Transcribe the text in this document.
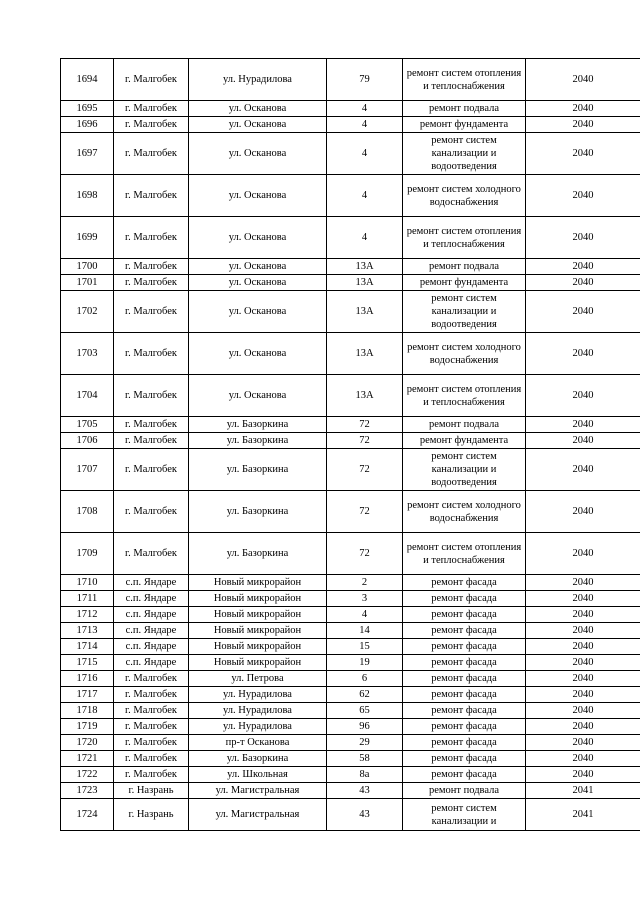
1694	г. Малгобек	ул. Нурадилова	79	ремонт систем отопления и теплоснабжения	2040
1695	г. Малгобек	ул. Осканова	4	ремонт подвала	2040
1696	г. Малгобек	ул. Осканова	4	ремонт фундамента	2040
1697	г. Малгобек	ул. Осканова	4	ремонт систем канализации и водоотведения	2040
1698	г. Малгобек	ул. Осканова	4	ремонт систем холодного водоснабжения	2040
1699	г. Малгобек	ул. Осканова	4	ремонт систем отопления и теплоснабжения	2040
1700	г. Малгобек	ул. Осканова	13А	ремонт подвала	2040
1701	г. Малгобек	ул. Осканова	13А	ремонт фундамента	2040
1702	г. Малгобек	ул. Осканова	13А	ремонт систем канализации и водоотведения	2040
1703	г. Малгобек	ул. Осканова	13А	ремонт систем холодного водоснабжения	2040
1704	г. Малгобек	ул. Осканова	13А	ремонт систем отопления и теплоснабжения	2040
1705	г. Малгобек	ул. Базоркина	72	ремонт подвала	2040
1706	г. Малгобек	ул. Базоркина	72	ремонт фундамента	2040
1707	г. Малгобек	ул. Базоркина	72	ремонт систем канализации и водоотведения	2040
1708	г. Малгобек	ул. Базоркина	72	ремонт систем холодного водоснабжения	2040
1709	г. Малгобек	ул. Базоркина	72	ремонт систем отопления и теплоснабжения	2040
1710	с.п. Яндаре	Новый микрорайон	2	ремонт фасада	2040
1711	с.п. Яндаре	Новый микрорайон	3	ремонт фасада	2040
1712	с.п. Яндаре	Новый микрорайон	4	ремонт фасада	2040
1713	с.п. Яндаре	Новый микрорайон	14	ремонт фасада	2040
1714	с.п. Яндаре	Новый микрорайон	15	ремонт фасада	2040
1715	с.п. Яндаре	Новый микрорайон	19	ремонт фасада	2040
1716	г. Малгобек	ул. Петрова	6	ремонт фасада	2040
1717	г. Малгобек	ул. Нурадилова	62	ремонт фасада	2040
1718	г. Малгобек	ул. Нурадилова	65	ремонт фасада	2040
1719	г. Малгобек	ул. Нурадилова	96	ремонт фасада	2040
1720	г. Малгобек	пр-т Осканова	29	ремонт фасада	2040
1721	г. Малгобек	ул. Базоркина	58	ремонт фасада	2040
1722	г. Малгобек	ул. Школьная	8а	ремонт фасада	2040
1723	г. Назрань	ул. Магистральная	43	ремонт подвала	2041
1724	г. Назрань	ул. Магистральная	43	ремонт систем канализации и	2041
